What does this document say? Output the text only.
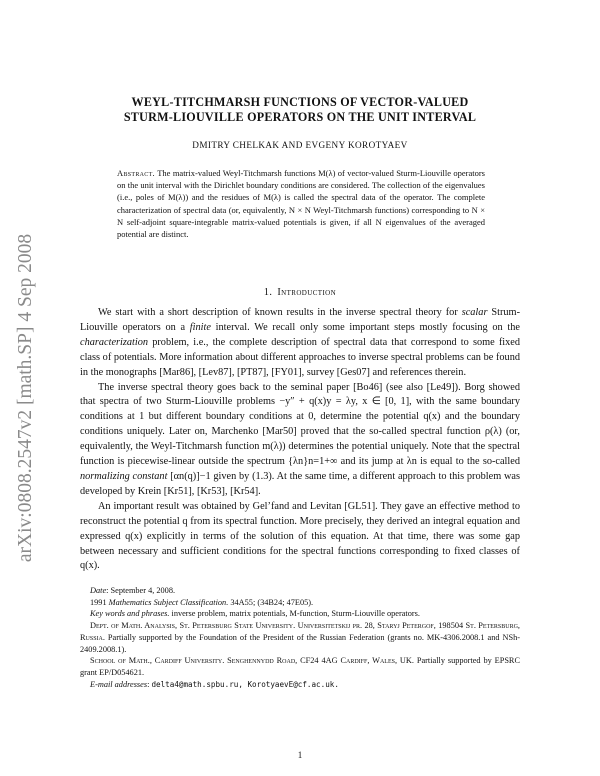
arXiv:0808.2547v2 [math.SP] 4 Sep 2008
WEYL-TITCHMARSH FUNCTIONS OF VECTOR-VALUED
STURM-LIOUVILLE OPERATORS ON THE UNIT INTERVAL
DMITRY CHELKAK AND EVGENY KOROTYAEV
Abstract. The matrix-valued Weyl-Titchmarsh functions M(λ) of vector-valued Sturm-Liouville operators on the unit interval with the Dirichlet boundary conditions are considered. The collection of the eigenvalues (i.e., poles of M(λ)) and the residues of M(λ) is called the spectral data of the operator. The complete characterization of spectral data (or, equivalently, N × N Weyl-Titchmarsh functions) corresponding to N × N self-adjoint square-integrable matrix-valued potentials is given, if all N eigenvalues of the averaged potential are distinct.
1. Introduction

We start with a short description of known results in the inverse spectral theory for scalar Strum-Liouville operators on a finite interval. We recall only some important steps mostly focusing on the characterization problem, i.e., the complete description of spectral data that correspond to some fixed class of potentials. More information about different approaches to inverse spectral problems can be found in the monographs [Mar86], [Lev87], [PT87], [FY01], survey [Ges07] and references therein.

The inverse spectral theory goes back to the seminal paper [Bo46] (see also [Le49]). Borg showed that spectra of two Sturm-Liouville problems −y″ + q(x)y = λy, x ∈ [0, 1], with the same boundary conditions at 1 but different boundary conditions at 0, determine the potential q(x) and the boundary conditions uniquely. Later on, Marchenko [Mar50] proved that the so-called spectral function ρ(λ) (or, equivalently, the Weyl-Titchmarsh function m(λ)) determines the potential uniquely. Note that the spectral function is piecewise-linear outside the spectrum {λn}n=1+∞ and its jump at λn is equal to the so-called normalizing constant [αn(q)]−1 given by (1.3). At the same time, a different approach to this problem was developed by Krein [Kr51], [Kr53], [Kr54].

An important result was obtained by Gel’fand and Levitan [GL51]. They gave an effective method to reconstruct the potential q from its spectral function. More precisely, they derived an integral equation and expressed q(x) explicitly in terms of the solution of this equation. At that time, there was some gap between necessary and sufficient conditions for the spectral functions corresponding to fixed classes of q(x).

Date: September 4, 2008.

1991 Mathematics Subject Classification. 34A55; (34B24; 47E05).

Key words and phrases. inverse problem, matrix potentials, M-function, Sturm-Liouville operators.

Dept. of Math. Analysis, St. Petersburg State University. Universitetskij pr. 28, Staryj Petergof, 198504 St. Petersburg, Russia. Partially supported by the Foundation of the President of the Russian Federation (grants no. MK-4306.2008.1 and NSh-2409.2008.1).

School of Math., Cardiff University. Senghennydd Road, CF24 4AG Cardiff, Wales, UK. Partially supported by EPSRC grant EP/D054621.

E-mail addresses: delta4@math.spbu.ru, KorotyaevE@cf.ac.uk.

1
